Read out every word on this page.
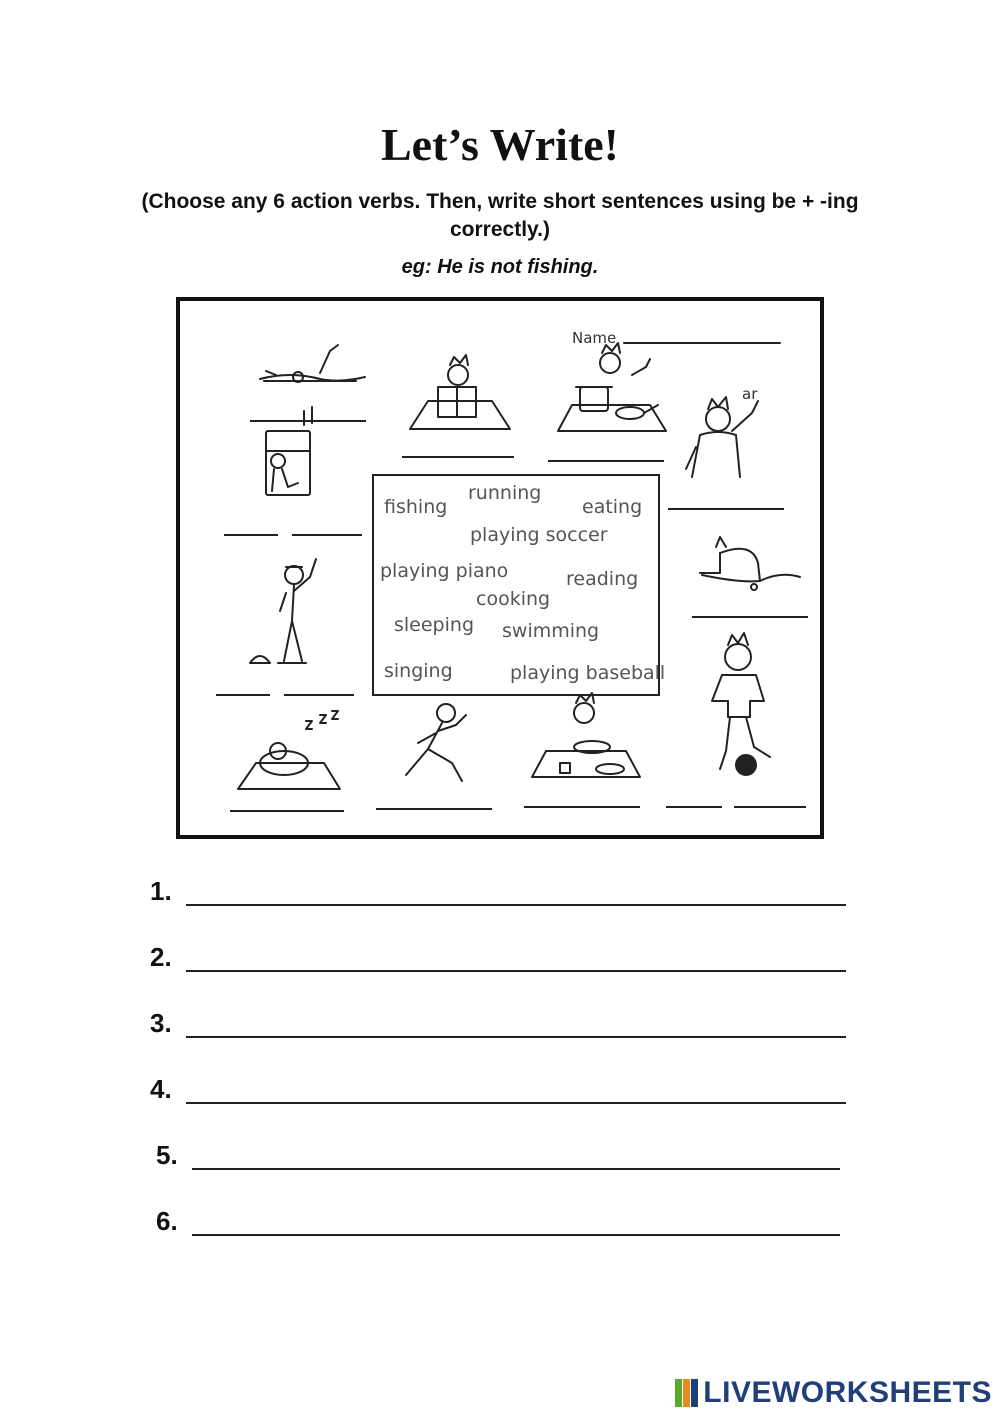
Let’s Write!
(Choose any 6 action verbs. Then, write short sentences using be + -ing correctly.)
eg: He is not fishing.
Name
ar
fishing
running
eating
playing soccer
playing piano	reading
cooking
sleeping swimming
singing	playing baseball
1.
2.
3.
4.
5.
6.
LIVEWORKSHEETS
